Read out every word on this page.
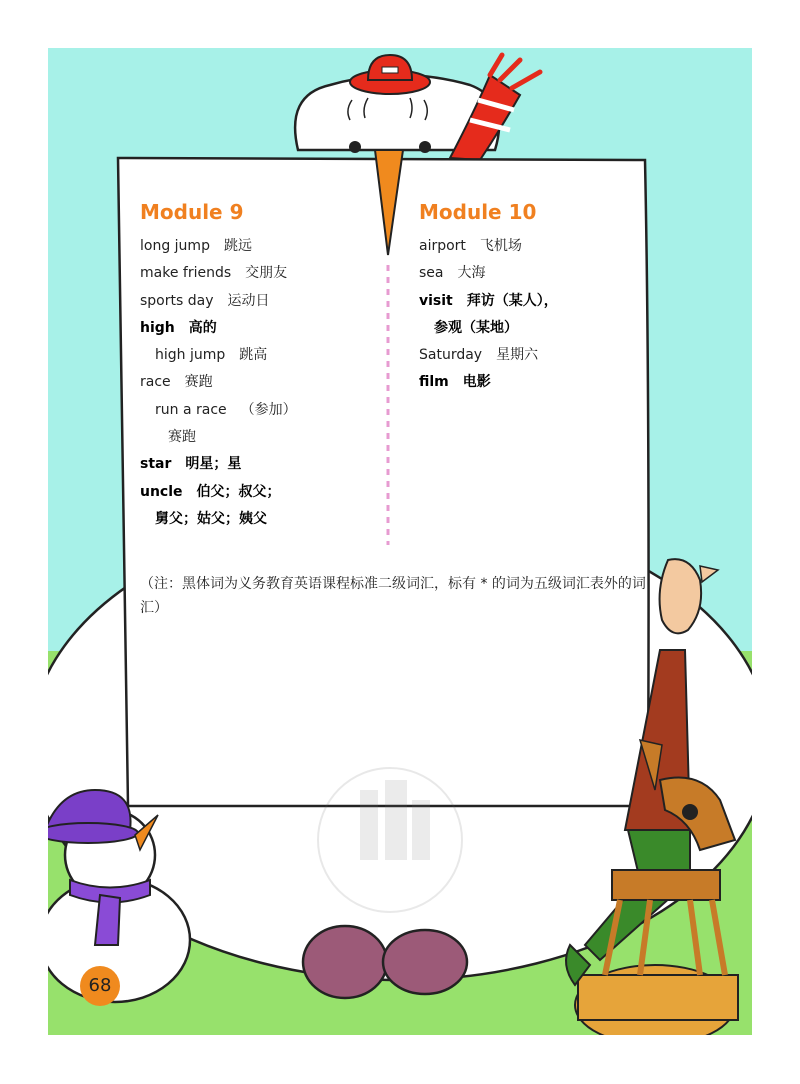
68
Module 9
long jump 跳远
make friends 交朋友
sports day 运动日
high 高的
high jump 跳高
race 赛跑
run a race （参加）
赛跑
star 明星；星
uncle 伯父；叔父；
舅父；姑父；姨父
Module 10
airport 飞机场
sea 大海
visit 拜访（某人），
参观（某地）
Saturday 星期六
film 电影

（注：黑体词为义务教育英语课程标准二级词汇，标有 * 的词为五级词汇表外的词汇）
